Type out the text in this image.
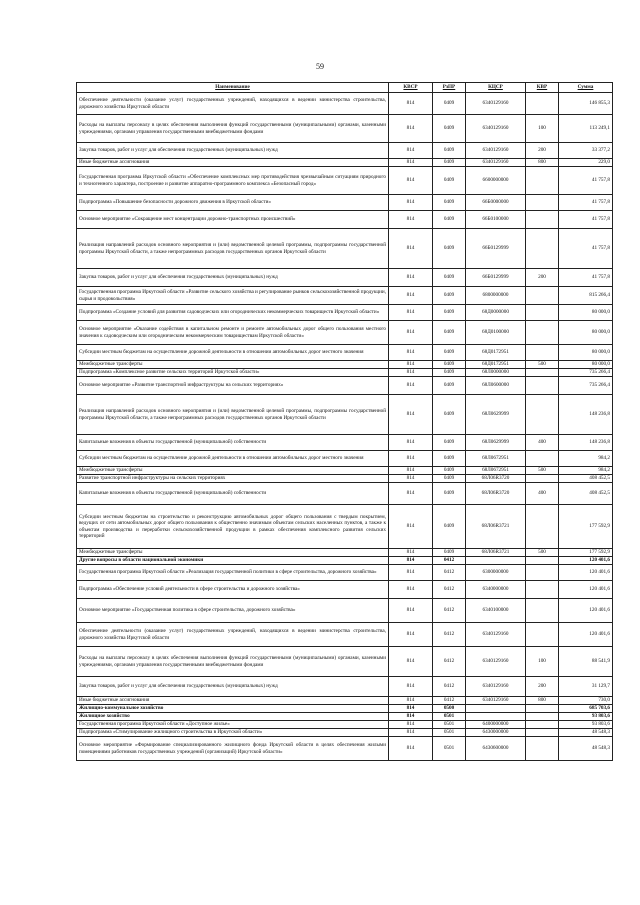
59
Наименование	КВСР	РзПР	КЦСР	КВР	Сумма
Обеспечение деятельности (оказание услуг) государственных учреждений, находящихся в ведении министерства строительства, дорожного хозяйства Иркутской области	814	0409	6340129160		146 855,3
Расходы на выплаты персоналу в целях обеспечения выполнения функций государственными (муниципальными) органами, казенными учреждениями, органами управления государственными внебюджетными фондами	814	0409	6340129160	100	113 249,1
Закупка товаров, работ и услуг для обеспечения государственных (муниципальных) нужд	814	0409	6340129160	200	33 377,2
Иные бюджетные ассигнования	814	0409	6340129160	800	229,0
Государственная программа Иркутской области «Обеспечение комплексных мер противодействия чрезвычайным ситуациям природного и техногенного характера, построение и развитие аппаратно-программного комплекса «Безопасный город»	814	0409	6600000000		41 757,8
Подпрограмма «Повышение безопасности дорожного движения в Иркутской области»	814	0409	66Б0000000		41 757,8
Основное мероприятие «Сокращение мест концентрации дорожно-транспортных происшествий»	814	0409	66Б0100000		41 757,8
Реализация направлений расходов основного мероприятия и (или) ведомственной целевой программы, подпрограммы государственной программы Иркутской области, а также непрограммных расходов государственных органов Иркутской области	814	0409	66Б0129999		41 757,8
Закупка товаров, работ и услуг для обеспечения государственных (муниципальных) нужд	814	0409	66Б0129999	200	41 757,8
Государственная программа Иркутской области «Развитие сельского хозяйства и регулирование рынков сельскохозяйственной продукции, сырья и продовольствия»	814	0409	6800000000		815 266,4
Подпрограмма «Создание условий для развития садоводческих или огороднических некоммерческих товариществ Иркутской области»	814	0409	68Д0000000		80 000,0
Основное мероприятие «Оказание содействия в капитальном ремонте и ремонте автомобильных дорог общего пользования местного значения к садоводческим или огородническим некоммерческим товариществам Иркутской области»	814	0409	68Д0100000		80 000,0
Субсидии местным бюджетам на осуществление дорожной деятельности в отношении автомобильных дорог местного значения	814	0409	68Д0172951		80 000,0
Межбюджетные трансферты	814	0409	68Д0172951	500	80 000,0
Подпрограмма «Комплексное развитие сельских территорий Иркутской области»	814	0409	68Л0000000		735 266,4
Основное мероприятие «Развитие транспортной инфраструктуры на сельских территориях»	814	0409	68Л0600000		735 266,4
Реализация направлений расходов основного мероприятия и (или) ведомственной целевой программы, подпрограммы государственной программы Иркутской области, а также непрограммных расходов государственных органов Иркутской области	814	0409	68Л0629999		148 236,8
Капитальные вложения в объекты государственной (муниципальной) собственности	814	0409	68Л0629999	400	148 236,8
Субсидии местным бюджетам на осуществление дорожной деятельности в отношении автомобильных дорог местного значения	814	0409	68Л0672951		984,2
Межбюджетные трансферты	814	0409	68Л0672951	500	984,2
Развитие транспортной инфраструктуры на сельских территориях	814	0409	68Л06R3720		408 452,5
Капитальные вложения в объекты государственной (муниципальной) собственности	814	0409	68Л06R3720	400	408 452,5
Субсидии местным бюджетам на строительство и реконструкцию автомобильных дорог общего пользования с твердым покрытием, ведущих от сети автомобильных дорог общего пользования к общественно значимым объектам сельских населенных пунктов, а также к объектам производства и переработки сельскохозяйственной продукции в рамках обеспечения комплексного развития сельских территорий	814	0409	68Л06R3721		177 592,9
Межбюджетные трансферты	814	0409	68Л06R3721	500	177 592,9
Другие вопросы в области национальной экономики	814	0412			120 401,6
Государственная программа Иркутской области «Реализация государственной политики в сфере строительства, дорожного хозяйства»	814	0412	6300000000		120 401,6
Подпрограмма «Обеспечение условий деятельности в сфере строительства и дорожного хозяйства»	814	0412	6340000000		120 401,6
Основное мероприятие «Государственная политика в сфере строительства, дорожного хозяйства»	814	0412	6340100000		120 401,6
Обеспечение деятельности (оказание услуг) государственных учреждений, находящихся в ведении министерства строительства, дорожного хозяйства Иркутской области	814	0412	6340129160		120 401,6
Расходы на выплаты персоналу в целях обеспечения выполнения функций государственными (муниципальными) органами, казенными учреждениями, органами управления государственными внебюджетными фондами	814	0412	6340129160	100	88 541,9
Закупка товаров, работ и услуг для обеспечения государственных (муниципальных) нужд	814	0412	6340129160	200	31 129,7
Иные бюджетные ассигнования	814	0412	6340129160	800	730,0
Жилищно-коммунальное хозяйство	814	0500			685 703,6
Жилищное хозяйство	814	0501			93 803,6
Государственная программа Иркутской области «Доступное жилье»	814	0501	6400000000		93 803,6
Подпрограмма «Стимулирование жилищного строительства в Иркутской области»	814	0501	6430000000		48 548,3
Основное мероприятие «Формирование специализированного жилищного фонда Иркутской области в целях обеспечения жилыми помещениями работников государственных учреждений (организаций) Иркутской области»	814	0501	6430600000		48 548,3
